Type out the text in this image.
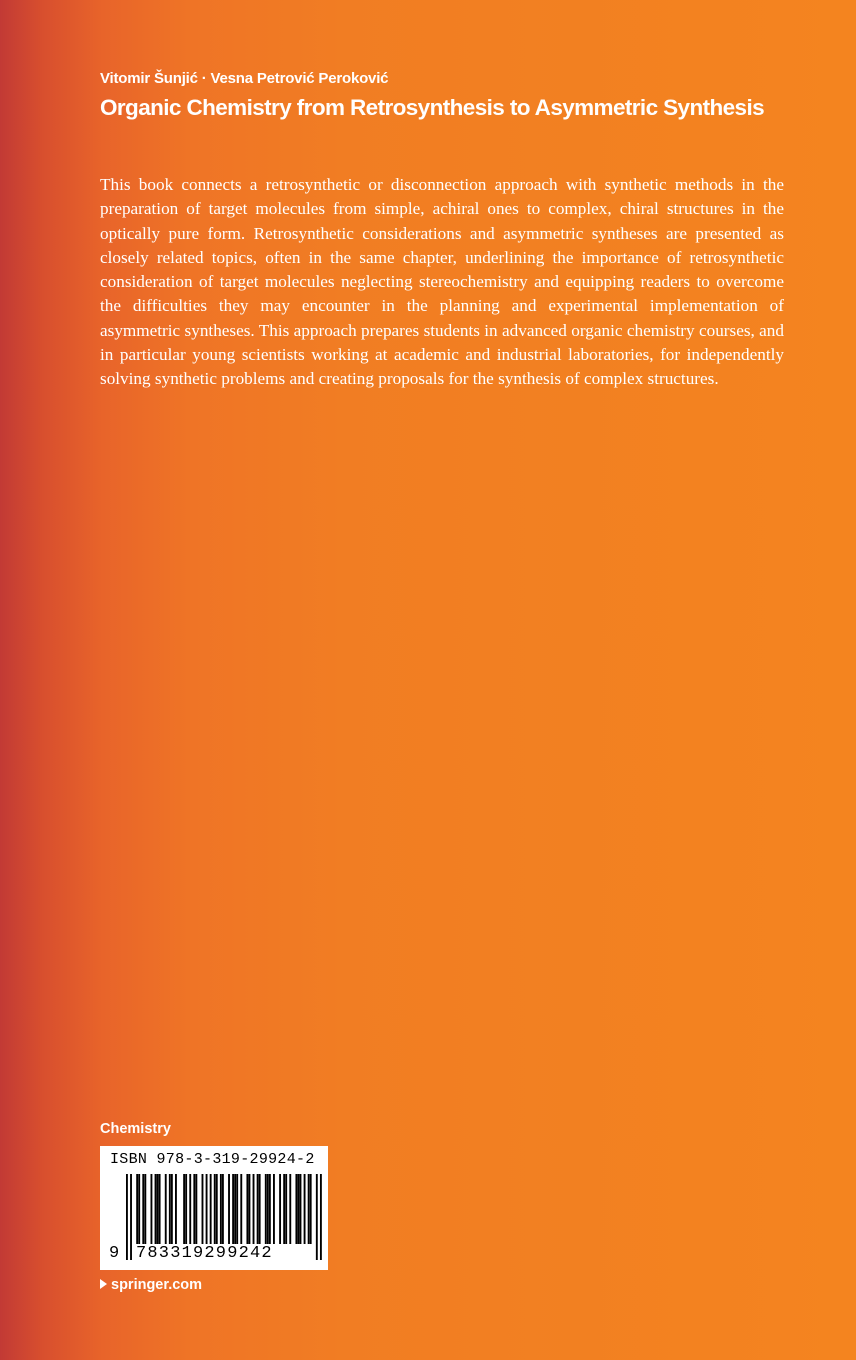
Vitomir Šunjić · Vesna Petrović Peroković
Organic Chemistry from Retrosynthesis to Asymmetric Synthesis
This book connects a retrosynthetic or disconnection approach with synthetic methods in the preparation of target molecules from simple, achiral ones to complex, chiral structures in the optically pure form. Retrosynthetic considerations and asymmetric syntheses are presented as closely related topics, often in the same chapter, underlining the importance of retrosynthetic consideration of target molecules neglecting stereochemistry and equipping readers to overcome the difficulties they may encounter in the planning and experimental implementation of asymmetric syntheses. This approach prepares students in advanced organic chemistry courses, and in particular young scientists working at academic and industrial laboratories, for independently solving synthetic problems and creating proposals for the synthesis of complex structures.
Chemistry
ISBN 978-3-319-29924-2
9 783319299242
springer.com
